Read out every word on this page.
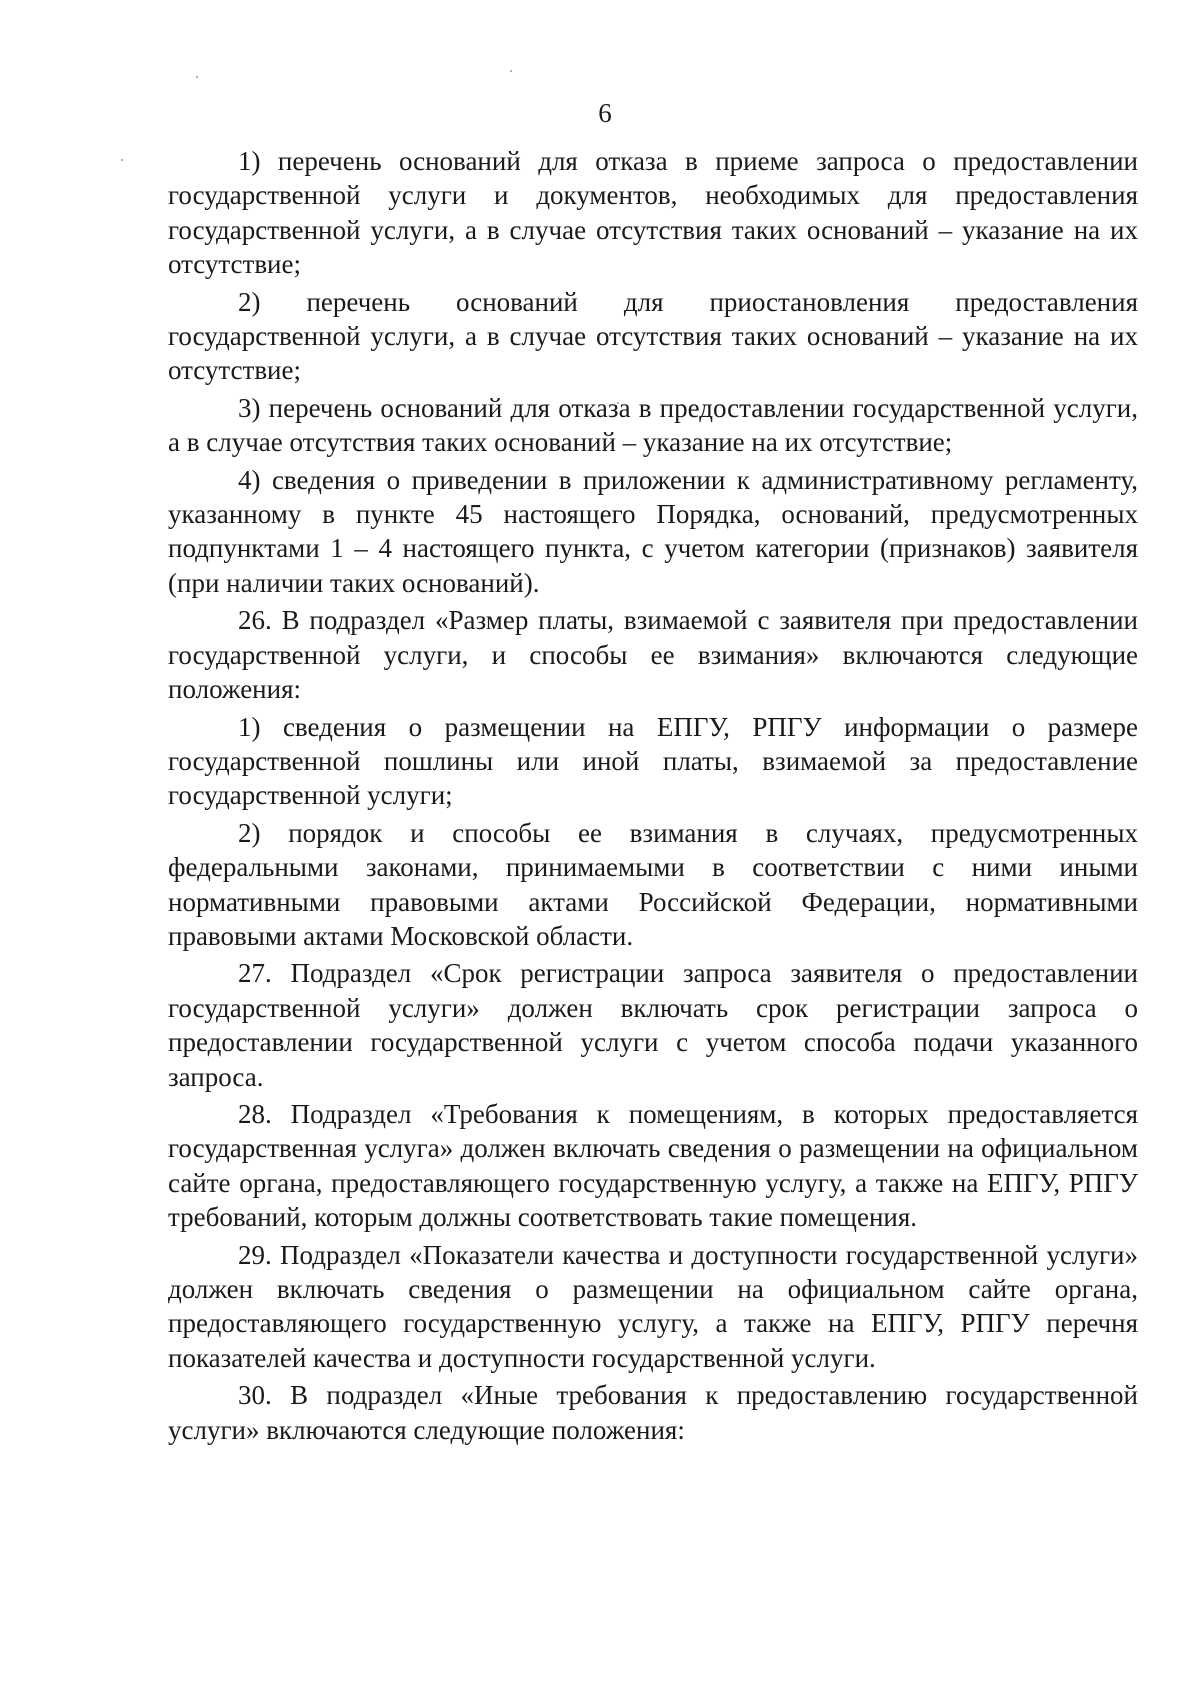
6

1) перечень оснований для отказа в приеме запроса о предоставлении государственной услуги и документов, необходимых для предоставления государственной услуги, а в случае отсутствия таких оснований – указание на их отсутствие;

2) перечень оснований для приостановления предоставления государственной услуги, а в случае отсутствия таких оснований – указание на их отсутствие;

3) перечень оснований для отказа в предоставлении государственной услуги, а в случае отсутствия таких оснований – указание на их отсутствие;

4) сведения о приведении в приложении к административному регламенту, указанному в пункте 45 настоящего Порядка, оснований, предусмотренных подпунктами 1 – 4 настоящего пункта, с учетом категории (признаков) заявителя (при наличии таких оснований).

26. В подраздел «Размер платы, взимаемой с заявителя при предоставлении государственной услуги, и способы ее взимания» включаются следующие положения:

1) сведения о размещении на ЕПГУ, РПГУ информации о размере государственной пошлины или иной платы, взимаемой за предоставление государственной услуги;

2) порядок и способы ее взимания в случаях, предусмотренных федеральными законами, принимаемыми в соответствии с ними иными нормативными правовыми актами Российской Федерации, нормативными правовыми актами Московской области.

27. Подраздел «Срок регистрации запроса заявителя о предоставлении государственной услуги» должен включать срок регистрации запроса о предоставлении государственной услуги с учетом способа подачи указанного запроса.

28. Подраздел «Требования к помещениям, в которых предоставляется государственная услуга» должен включать сведения о размещении на официальном сайте органа, предоставляющего государственную услугу, а также на ЕПГУ, РПГУ требований, которым должны соответствовать такие помещения.

29. Подраздел «Показатели качества и доступности государственной услуги» должен включать сведения о размещении на официальном сайте органа, предоставляющего государственную услугу, а также на ЕПГУ, РПГУ перечня показателей качества и доступности государственной услуги.

30. В подраздел «Иные требования к предоставлению государственной услуги» включаются следующие положения:
